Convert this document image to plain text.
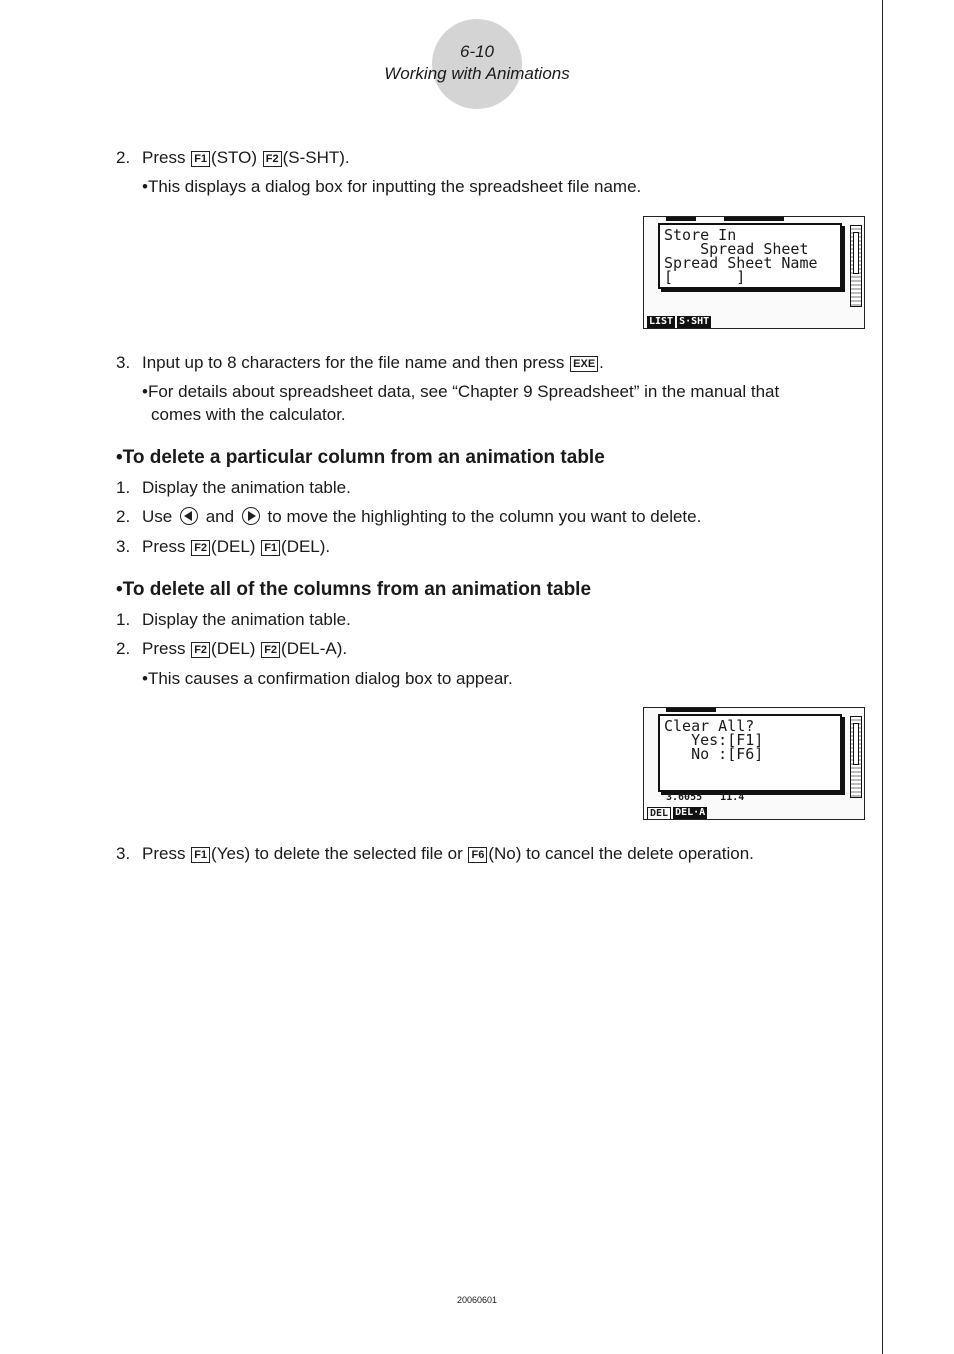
6-10
Working with Animations
2. Press F1 (STO) F2 (S-SHT).
•This displays a dialog box for inputting the spreadsheet file name.
Store In
Spread Sheet
Spread Sheet Name
[       ]
LIST S·SHT
3. Input up to 8 characters for the file name and then press EXE .
•For details about spreadsheet data, see “Chapter 9 Spreadsheet” in the manual that
comes with the calculator.
•To delete a particular column from an animation table
1. Display the animation table.
2. Use and to move the highlighting to the column you want to delete.
3. Press F2 (DEL) F1 (DEL).
•To delete all of the columns from an animation table
1. Display the animation table.
2. Press F2 (DEL) F2 (DEL-A).
•This causes a confirmation dialog box to appear.
Clear All?
Yes:[F1]
No :[F6]
3.6055   11.4
DEL DEL·A
3. Press F1 (Yes) to delete the selected file or F6 (No) to cancel the delete operation.
20060601
